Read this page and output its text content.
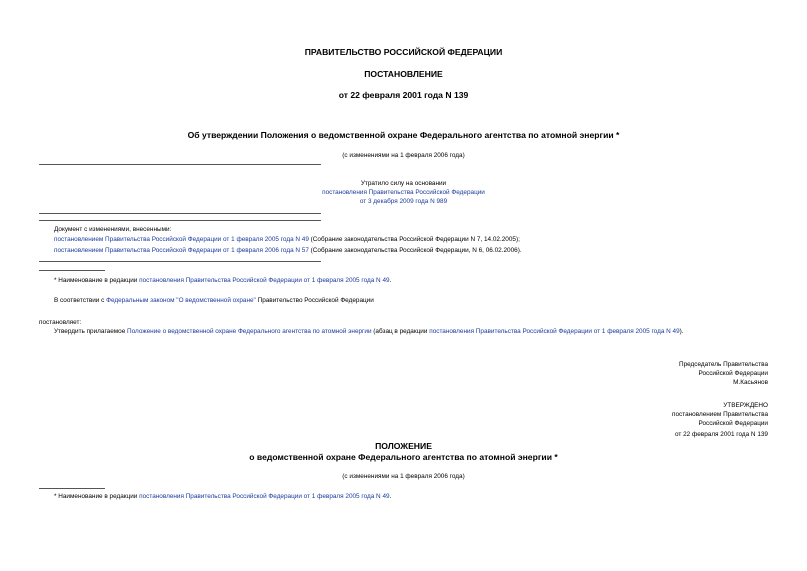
ПРАВИТЕЛЬСТВО РОССИЙСКОЙ ФЕДЕРАЦИИ
ПОСТАНОВЛЕНИЕ
от 22 февраля 2001 года N 139
Об утверждении Положения о ведомственной охране Федерального агентства по атомной энергии *
(с изменениями на 1 февраля 2006 года)
Утратило силу на основании
постановления Правительства Российской Федерации
от 3 декабря 2009 года N 989
Документ с изменениями, внесенными:
постановлением Правительства Российской Федерации от 1 февраля 2005 года N 49 (Собрание законодательства Российской Федерации N 7, 14.02.2005);
постановлением Правительства Российской Федерации от 1 февраля 2006 года N 57 (Собрание законодательства Российской Федерации, N 6, 06.02.2006).
* Наименование в редакции постановления Правительства Российской Федерации от 1 февраля 2005 года N 49.
В соответствии с Федеральным законом "О ведомственной охране" Правительство Российской Федерации
постановляет:
Утвердить прилагаемое Положение о ведомственной охране Федерального агентства по атомной энергии (абзац в редакции постановления Правительства Российской Федерации от 1 февраля 2005 года N 49).
Председатель Правительства
Российской Федерации
М.Касьянов
УТВЕРЖДЕНО
постановлением Правительства
Российской Федерации
от 22 февраля 2001 года N 139
ПОЛОЖЕНИЕ
о ведомственной охране Федерального агентства по атомной энергии *
(с изменениями на 1 февраля 2006 года)
* Наименование в редакции постановления Правительства Российской Федерации от 1 февраля 2005 года N 49.
